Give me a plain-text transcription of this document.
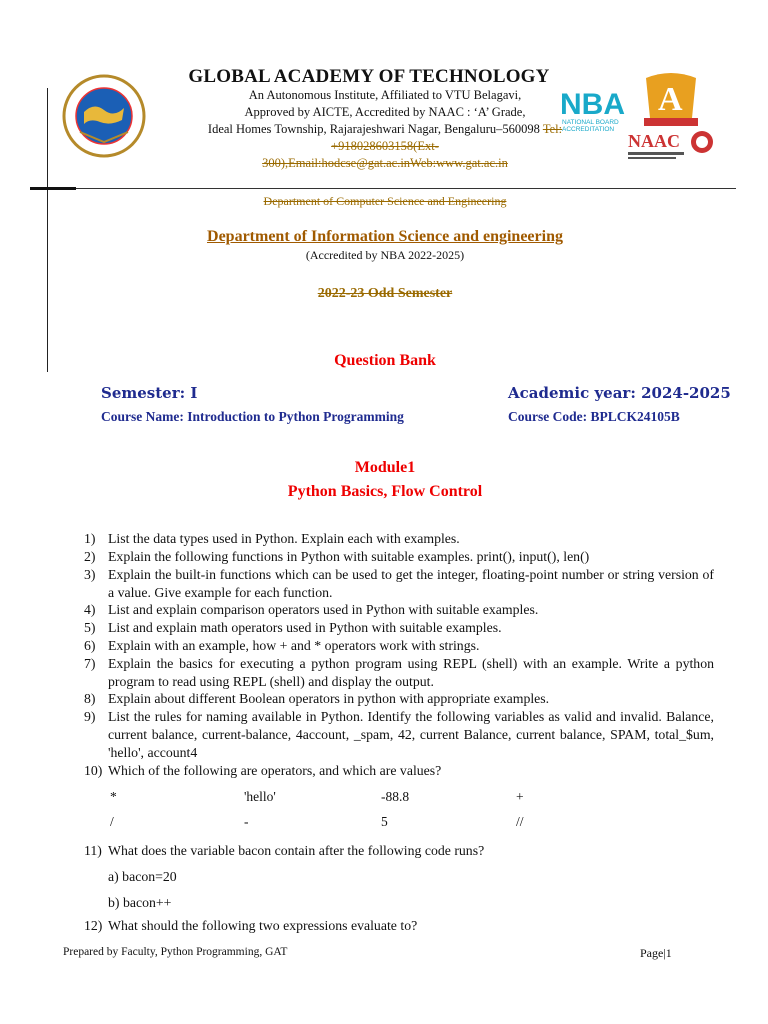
GLOBAL ACADEMY OF TECHNOLOGY
An Autonomous Institute, Affiliated to VTU Belagavi,
Approved by AICTE, Accredited by NAAC : ‘A’ Grade,
Ideal Homes Township, Rajarajeshwari Nagar, Bengaluru–560098 Tel:
+918028603158(Ext-
300),Email:hodcse@gat.ac.inWeb:www.gat.ac.in
NBA
NATIONAL BOARD
ACCREDITATION
A
NAAC
Department of Computer Science and Engineering
Department of Information Science and engineering
(Accredited by NBA 2022-2025)
2022-23 Odd Semester
Question Bank
Semester: I	Academic year: 2024-2025
Course Name: Introduction to Python Programming	Course Code: BPLCK24105B
Module1
Python Basics, Flow Control
1) List the data types used in Python. Explain each with examples.
2) Explain the following functions in Python with suitable examples. print(), input(), len()
3) Explain the built-in functions which can be used to get the integer, floating-point number or string version of a value. Give example for each function.
4) List and explain comparison operators used in Python with suitable examples.
5) List and explain math operators used in Python with suitable examples.
6) Explain with an example, how + and * operators work with strings.
7) Explain the basics for executing a python program using REPL (shell) with an example. Write a python program to read using REPL (shell) and display the output.
8) Explain about different Boolean operators in python with appropriate examples.
9) List the rules for naming available in Python. Identify the following variables as valid and invalid. Balance, current balance, current-balance, 4account, _spam, 42, current Balance, current balance, SPAM, total_$um, 'hello', account4
10) Which of the following are operators, and which are values?
*	'hello'	-88.8	+
/	-	5	//
11) What does the variable bacon contain after the following code runs?
a) bacon=20
b) bacon++
12) What should the following two expressions evaluate to?
Prepared by Faculty, Python Programming, GAT	Page|1
